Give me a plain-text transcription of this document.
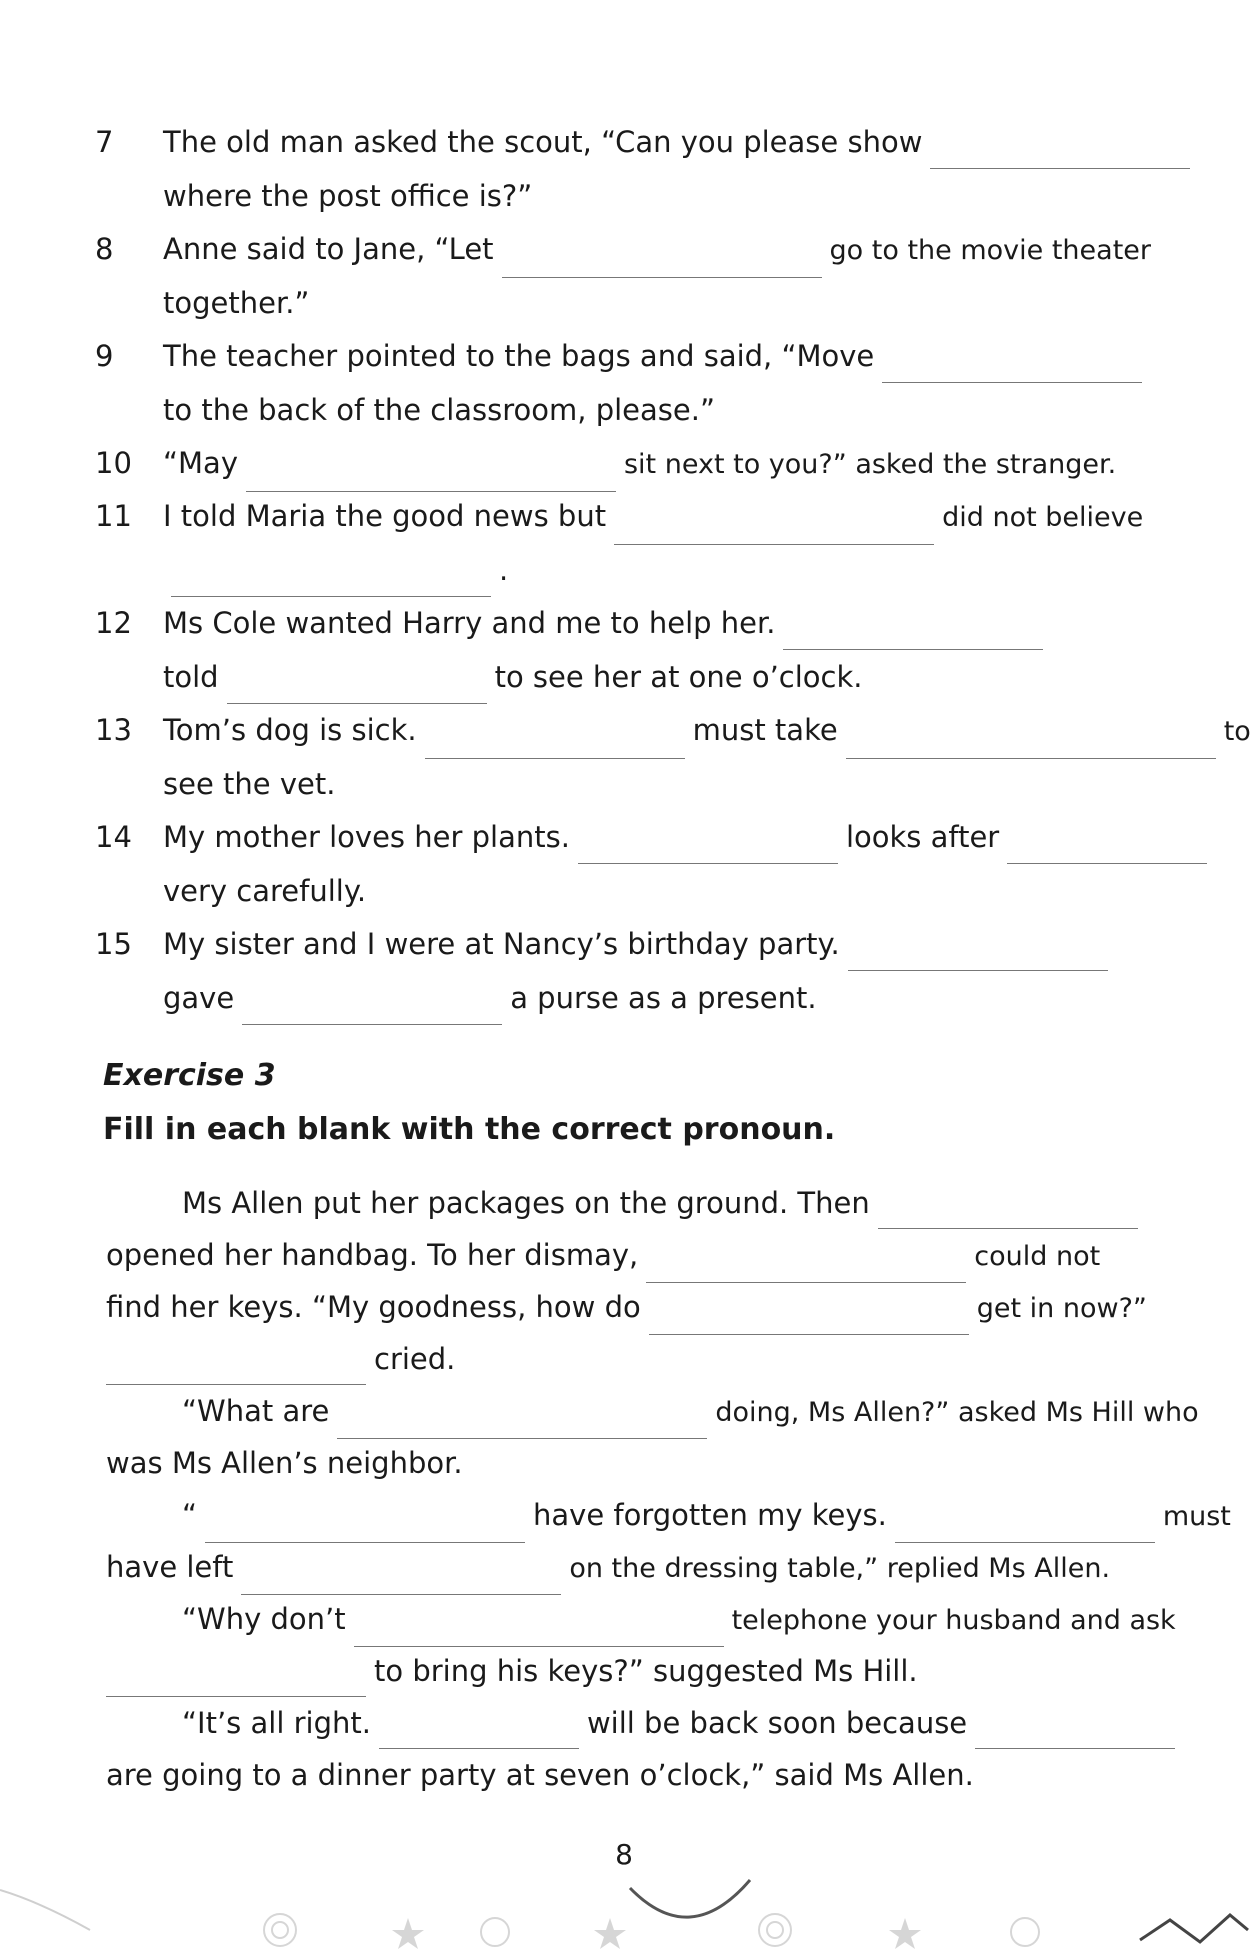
7	The old man asked the scout, “Can you please show
where the post office is?”
8	Anne said to Jane, “Let	go to the movie theater
together.”
9	The teacher pointed to the bags and said, “Move
to the back of the classroom, please.”
10	“May	sit next to you?” asked the stranger.
11	I told Maria the good news but	did not believe
.
12	Ms Cole wanted Harry and me to help her.
told	to see her at one o’clock.
13	Tom’s dog is sick.	must take	to
see the vet.
14	My mother loves her plants.	looks after
very carefully.
15	My sister and I were at Nancy’s birthday party.
gave	a purse as a present.
Exercise 3
Fill in each blank with the correct pronoun.
Ms Allen put her packages on the ground. Then
opened her handbag. To her dismay,	could not
find her keys. “My goodness, how do	get in now?”
cried.
“What are	doing, Ms Allen?” asked Ms Hill who
was Ms Allen’s neighbor.
“	have forgotten my keys.	must
have left	on the dressing table,” replied Ms Allen.
“Why don’t	telephone your husband and ask
to bring his keys?” suggested Ms Hill.
“It’s all right.	will be back soon because
are going to a dinner party at seven o’clock,” said Ms Allen.
8
